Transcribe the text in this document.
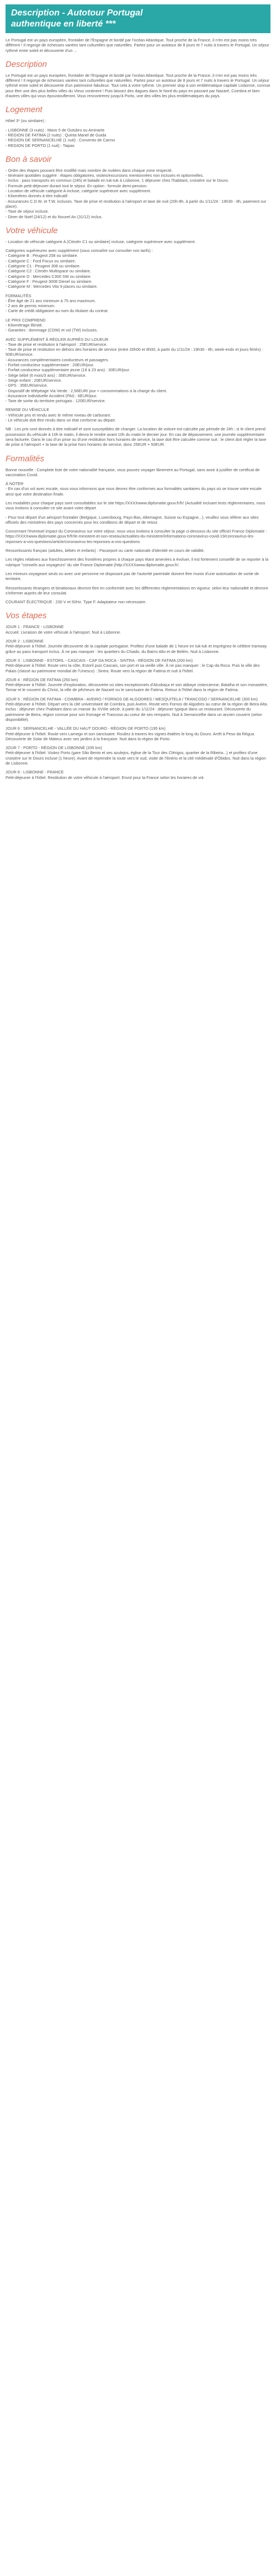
Description - Autotour Portugal
authentique en liberté ***

Le Portugal est un pays européen, frontalier de l'Espagne et bordé par l'océan Atlantique. Tout proche de la France, il n'en est pas moins très différent ! Il regorge de richesses variées tant culturelles que naturelles. Partez pour un autotour de 8 jours et 7 nuits à travers le Portugal. Un séjour rythmé entre soleil et découverte d'un ...

Description

Le Portugal est un pays européen, frontalier de l'Espagne et bordé par l'océan Atlantique. Tout proche de la France, il n'en est pas moins très différent ! Il regorge de richesses variées tant culturelles que naturelles. Partez pour un autotour de 8 jours et 7 nuits à travers le Portugal. Un séjour rythmé entre soleil et découverte d'un patrimoine fabuleux. Tout cela à votre rythme. Un premier stop à son emblématique capitale Lisbonne, connue pour être une des plus belles villes du Vieux continent ! Puis laissez des dagues dans le Nord du pays en passant par Nazaré, Coimbra et bien d'autres villes qui vous époustoufleront. Vous rencontrerez jusqu'à Porto, une des villes les plus emblématiques du pays.

Logement
Hôtel 3* (ou similaire) :
- LISBONNE (3 nuits) : Mavo 5 de Outubro ou Aminarte
- REGION DE FATIMA (2 nuits) : Quinta Manel de Guida
- REGION DE SERNANCELHE (1 nuit) : Convento de Carmo
- REGION DE PORTO (1 nuit) : Taipas
Bon à savoir
- Ordre des étapes pouvant être modifié mais nombre de nuitées dans chaque zone respecté.
- Itinéraire quotidien suggéré : étapes obligatoires, visites/excursions mentionnées non incluses et optionnelles.
- Inclus : pass transports en commun (24h) et balade en tuk-tuk à Lisbonne, 1 déjeuner chez l'habitant, croisière sur le Douro.
- Formule petit-déjeuner durant tout le séjour. En option : formule demi-pension.
- Location de véhicule catégorie A incluse, catégorie supérieure avec supplément.
- Kilométres donnés à titre indicatif.
- Assurances C.D.W. et T.W. incluses. Taxe de prise et restitution à l'aéroport et taxe de nuit (20h-8h, à partir du 1/11/24 : 19h30 - 8h, paiement sur place).
- Taxe de séjour incluse.
- Diner de Noël (24/12) et du Nouvel An (31/12) inclus.
Votre véhicule

- Location de véhicule catégorie A (Citroën C1 ou similaire) incluse, catégorie supérieure avec supplément.

Catégories supérieures avec supplément (sous connaître sur consulter nos tarifs) :
- Catégorie B : Peugeot 208 ou similaire.
- Catégorie C : Ford Focus ou similaire.
- Catégorie C1 : Peugeot 308 ou similaire.
- Catégorie C2 : Citroën Multispace ou similaire.
- Catégorie D : Mercedes C300 SW ou similaire.
- Catégorie F : Peugeot 3008 Diesel ou similaire.
- Catégorie M : Mercedes Vito 9 places ou similaire.
FORMALITÉS
- Être âgé de 21 ans minimum à 75 ans maximum.
- 2 ans de permis minimum.
- Carte de crédit obligatoire au nom du titulaire du contrat.
LE PRIX COMPREND
- Kilométrage illimité.
- Garanties : dommage (CDW) et vol (TW) incluses.
AVEC SUPPLÉMENT À RÉGLER AUPRÈS DU LOUEUR
- Taxe de prise et restitution à l'aéroport : 25EUR/service.
- Taxe de prise et restitution en dehors des horaires de service (entre 20h00 et 8h00, à partir du 1/11/24 : 19h30 - 8h, week-ends et jours fériés) : 50EUR/service.
- Assurances complémentaires conducteurs et passagers.
- Forfait conducteur supplémentaire : 20EUR/jour.
- Forfait conducteur supplémentaire jeune (18 à 23 ans) : 30EUR/jour.
- Siège bébé (6 mois/3 ans) : 35EUR/service.
- Siège enfant : 20EUR/service.
- GPS : 35EUR/service.
- Dispositif de télépéage Via Verde : 2,56EUR/ jour + consommations à la charge du client.
- Assurance Individuelle Accident (PAI) : 6EUR/jour.
- Taxe de sortie du territoire portugais : 120EUR/service.
REMISE DU VÉHICULE
- Véhicule pris et rendu avec le même niveau de carburant.
- Le véhicule doit être rendu dans un état conforme au départ.

NB : Les prix sont donnés à titre indicatif et sont susceptibles de changer. La location de voiture est calculée par période de 24h ; si le client prend possession du véhicule à 10h le matin, il devra le rendre avant 10h du matin le dernier jour. En cas de dépassement, une journée supplémentaire sera facturée. Dans le cas d'un prise ou d'une restitution hors horaires de service, la taxe doit être calculée comme suit : le client doit régler la taxe de prise à l'aéroport + la taxe de la prise hors horaires de service, donc 25EUR + 50EUR.

Formalités

Bonne nouvelle : Complete liste de votre nationalité française, vous pouvez voyager librement au Portugal, sans avoir à justifier de certificat de vaccination Covid.

À NOTER
- En cas d'un vol avec escale, nous vous informons que vous devrez être conformes aux formalités sanitaires du pays où se trouve votre escale ainsi que votre destination finale.

Les modalités pour chaque pays sont consultables sur le site https://XXXXwww.diplomatie.gouv.fr/fr/ (Actualité incluant tests réglementaires, nous vous invitons à consulter ce site avant votre départ

- Pour tout départ d'un aéroport frontalier (Belgique, Luxembourg, Pays-Bas, Allemagne, Suisse ou Espagne...), veuillez vous référer aux sites officiels des ministères des pays concernés pour les conditions de départ et de retour.

Concernant l'éventuel impact du Coronavirus sur votre séjour, nous vous invitons à consulter la page ci-dessous du site officiel France Diplomatie : https://XXXXwww.diplomatie.gouv.fr/fr/le-ministere-et-son-reseau/actualites-du-ministere/informations-coronavirus-covid-19/coronavirus-les-reponses-a-vos-questions/article/coronavirus-les-reponses-a-vos-questions

Ressortissants français (adultes, bébés et enfants) : Passeport ou carte nationale d'identité en cours de validité.

Les règles relatives aux franchissement des frontières propres à chaque pays étant amenées à évoluer, il est fortement conseillé de se reporter à la rubrique "conseils aux voyageurs" du site France Diplomatie.(http://XXXXwww.diplomatie.gouv.fr/.

Les mineurs voyageant seuls ou avec une personne ne disposant pas de l'autorité parentale doivent être munis d'une autorisation de sortie de territoire.

Ressortissants étrangers et binationaux devront être en conformité avec les différentes réglementations en vigueur, selon leur nationalité et devront s'informer auprès de leur consulat.

COURANT ÉLECTRIQUE : 230 V et 50Hz. Type F. Adaptateur non nécessaire.

Vos étapes
JOUR 1 : FRANCE - LISBONNE
Accueil. Livraison de votre véhicule à l'aéroport. Nuit à Lisbonne.
JOUR 2 : LISBONNE
Petit-déjeuner à l'hôtel. Journée découverte de la capitale portugaise. Profitez d'une balade de 1 heure en tuk-tuk et imprégnez-le célèbre tramway grâce au pass transport inclus. À ne pas manquer : les quartiers du Chiado, du Bairro Alto et de Belém. Nuit à Lisbonne.
JOUR 3 : LISBONNE - ESTORIL - CASCAIS - CAP DA ROCA - SINTRA - RÉGION DE FATIMA (200 km)
Petit-déjeuner à l'hôtel. Route vers la côte, Estoril puis Cascais, son port et sa vieille ville. À ne pas manquer : le Cap da Roca. Puis la ville des Palais (classé au patrimoine mondial de l'Unesco) : Sintra. Route vers la région de Fatima et nuit à l'hôtel.
JOUR 4 : RÉGION DE FATIMA (250 km)
Petit-déjeuner à l'hôtel. Journée d'exploration, découverte où sites exceptionnels d'Alcobaça et son abbaye cistercienne, Batalha et son monastère, Tomar et le couvent du Christ, la ville de pêcheurs de Nazaré ou le sanctuaire de Fatima. Retour à l'hôtel dans la région de Fatima.
JOUR 5 : RÉGION DE FATIMA - COIMBRA - AVEIRO / FORNOS DE ALGODRES / MESQUITELA / TRANCOSO / SERNANCELHE (300 km)
Petit-déjeuner à l'hôtel. Départ vers la cité universitaire de Coimbra, puis Aveiro. Route vers Fornos de Algodres au cœur de la région de Beira Alta. Inclus : déjeuner chez l'habitant dans un manoir du XVIIIe siècle, à partir du 1/11/24 : déjeuner typique dans un restaurant. Découverte du patrimoine de Beira, région connue pour son fromage et Trancoso au coeur de ses remparts. Nuit à Sernancelhe dans un ancien couvent (selon disponibilité).
JOUR 6 : SERNANCELHE - VALLÉE DU HAUT DOURO - RÉGION DE PORTO (195 km)
Petit-déjeuner à l'hôtel. Route vers Lamego et son sanctuaire. Rouliez à travers les vignes étalées le long du Douro. Arrêt à Peso da Régua. Découverte de Solar de Mateus avec ses jardins à la française. Nuit dans la région de Porto.
JOUR 7 : PORTO - RÉGION DE LISBONNE (335 km)
Petit-déjeuner à l'hôtel. Visitez Porto (gare São Bento et ses azulejos, église de la Tour des Clérigos, quartier de la Ribeira...) et profitez d'une croisière sur le Douro incluse (1 heure). Avant de reprendre la route vers le sud, visite de l'ilinéris et la cité médiévale d'Óbidos. Nuit dans la région de Lisbonne.
JOUR 8 : LISBONNE - FRANCE
Petit-déjeuner à l'hôtel. Restitution de votre véhicule à l'aéroport. Envol pour la France selon les horaires de vol.
